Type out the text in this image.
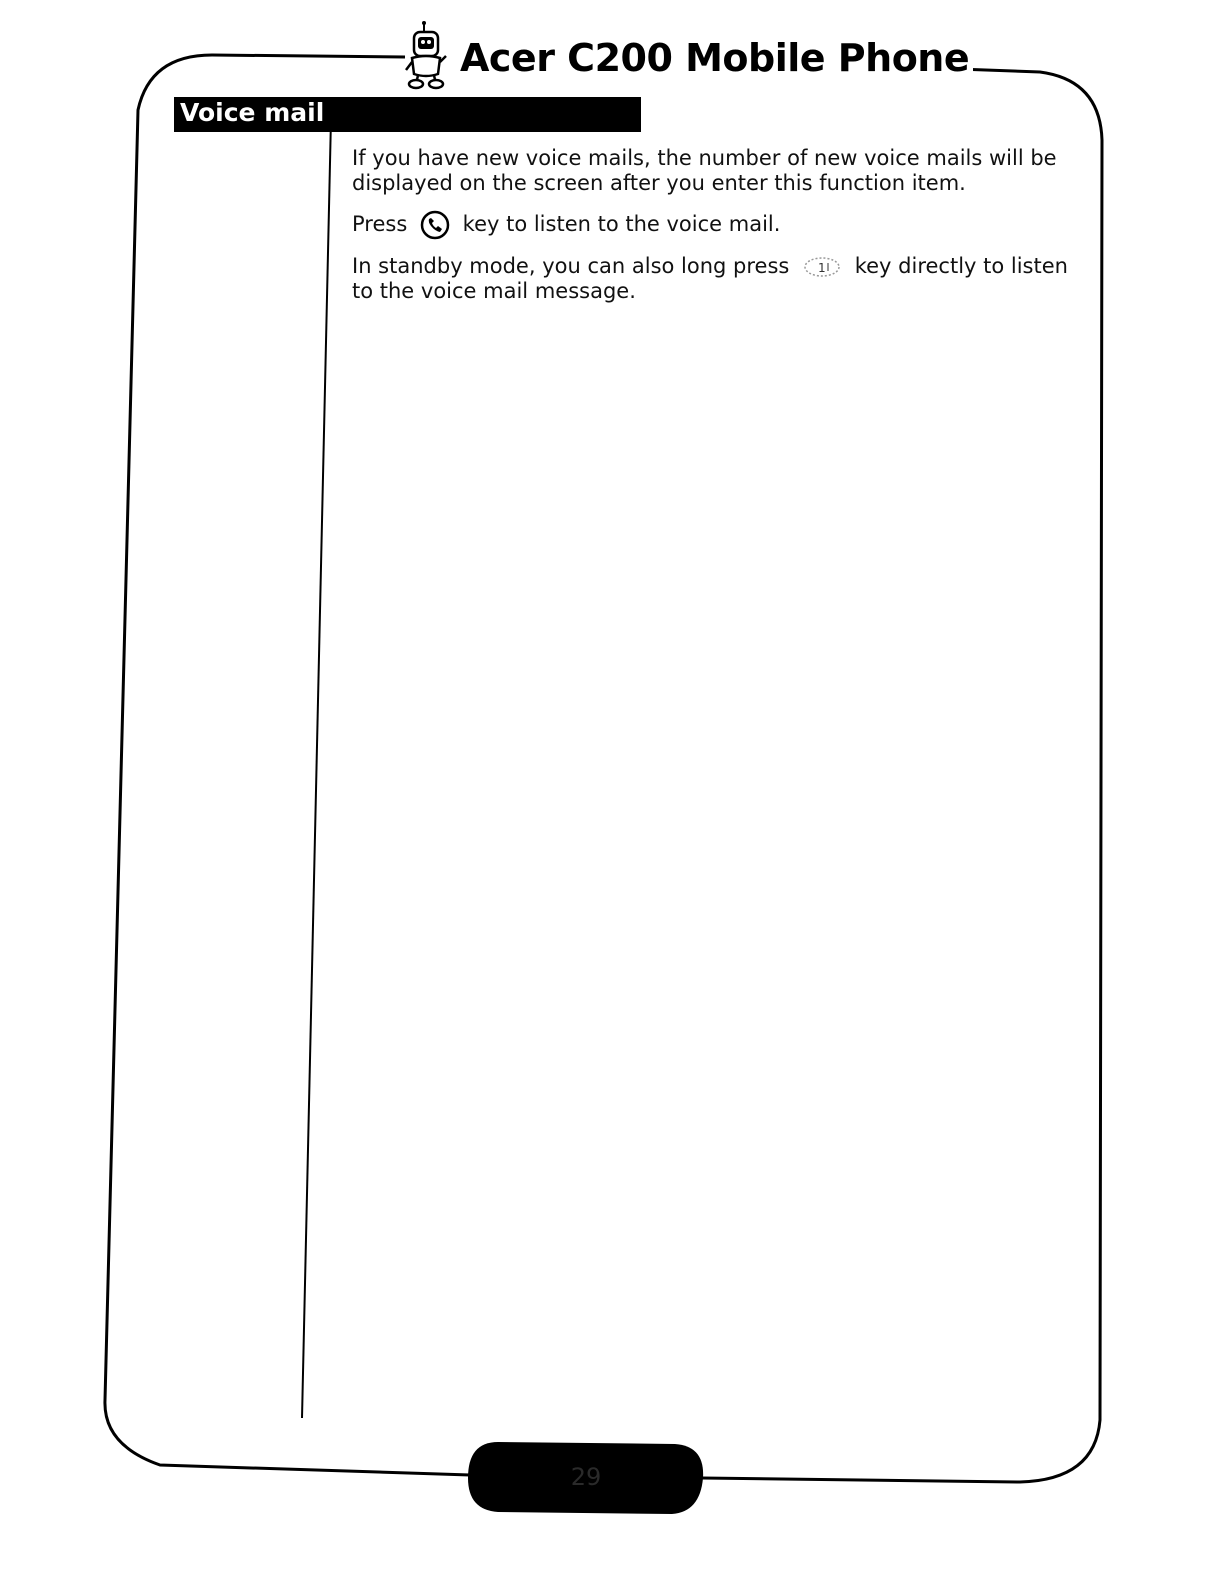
Acer C200 Mobile Phone
Voice mail

If you have new voice mails, the number of new voice mails will be displayed on the screen after you enter this function item.

Press	key to listen to the voice mail.

In standby mode, you can also long press 1 key directly to listen to the voice mail message.

29
